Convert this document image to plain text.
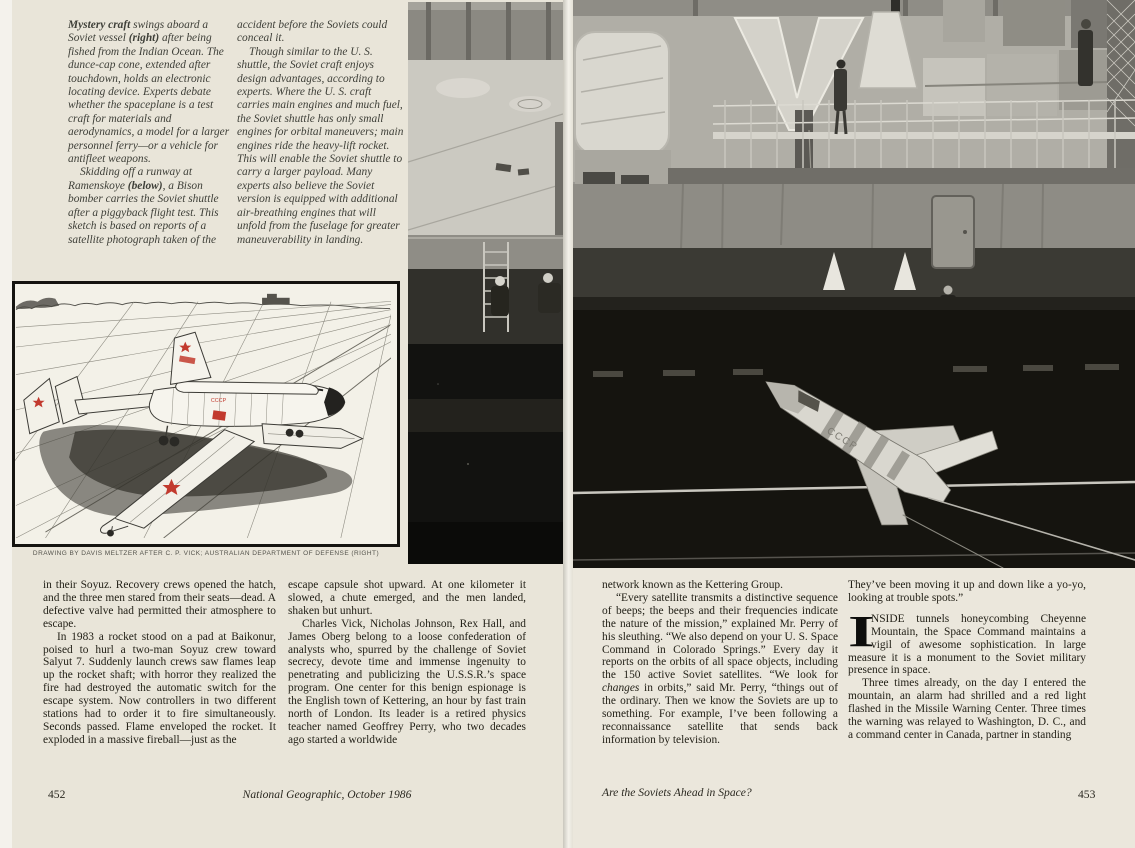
Mystery craft swings aboard a Soviet vessel (right) after being fished from the Indian Ocean. The dunce-cap cone, extended after touchdown, holds an electronic locating device. Experts debate whether the spaceplane is a test craft for materials and aerodynamics, a model for a larger personnel ferry—or a vehicle for antifleet weapons.

Skidding off a runway at Ramenskoye (below), a Bison bomber carries the Soviet shuttle after a piggyback flight test. This sketch is based on reports of a satellite photograph taken of the

accident before the Soviets could conceal it.

Though similar to the U. S. shuttle, the Soviet craft enjoys design advantages, according to experts. Where the U. S. craft carries main engines and much fuel, the Soviet shuttle has only small engines for orbital maneuvers; main engines ride the heavy-lift rocket. This will enable the Soviet shuttle to carry a larger payload. Many experts also believe the Soviet version is equipped with additional air-breathing engines that will unfold from the fuselage for greater maneuverability in landing.

CCCP
DRAWING BY DAVIS MELTZER AFTER C. P. VICK; AUSTRALIAN DEPARTMENT OF DEFENSE (RIGHT)

in their Soyuz. Recovery crews opened the hatch, and the three men stared from their seats—dead. A defective valve had permitted their atmosphere to escape.

In 1983 a rocket stood on a pad at Baikonur, poised to hurl a two-man Soyuz crew toward Salyut 7. Suddenly launch crews saw flames leap up the rocket shaft; with horror they realized the fire had destroyed the automatic switch for the escape system. Now controllers in two different stations had to order it to fire simultaneously. Seconds passed. Flame enveloped the rocket. It exploded in a massive fireball—just as the

escape capsule shot upward. At one kilometer it slowed, a chute emerged, and the men landed, shaken but unhurt.

Charles Vick, Nicholas Johnson, Rex Hall, and James Oberg belong to a loose confederation of analysts who, spurred by the challenge of Soviet secrecy, devote time and immense ingenuity to penetrating and publicizing the U.S.S.R.’s space program. One center for this benign espionage is the English town of Kettering, an hour by fast train north of London. Its leader is a retired physics teacher named Geoffrey Perry, who two decades ago started a worldwide

452	National Geographic, October 1986
CCCP

network known as the Kettering Group.

“Every satellite transmits a distinctive sequence of beeps; the beeps and their frequencies indicate the nature of the mission,” explained Mr. Perry of his sleuthing. “We also depend on your U. S. Space Command in Colorado Springs.” Every day it reports on the orbits of all space objects, including the 150 active Soviet satellites. “We look for changes in orbits,” said Mr. Perry, “things out of the ordinary. Then we know the Soviets are up to something. For example, I’ve been following a reconnaissance satellite that sends back information by television.

They’ve been moving it up and down like a yo-yo, looking at trouble spots.”

I
NSIDE tunnels honeycombing Cheyenne Mountain, the Space Command maintains a vigil of awesome sophistication. In large measure it is a monument to the Soviet military presence in space.

Three times already, on the day I entered the mountain, an alarm had shrilled and a red light flashed in the Missile Warning Center. Three times the warning was relayed to Washington, D. C., and a command center in Canada, partner in standing

Are the Soviets Ahead in Space?	453
